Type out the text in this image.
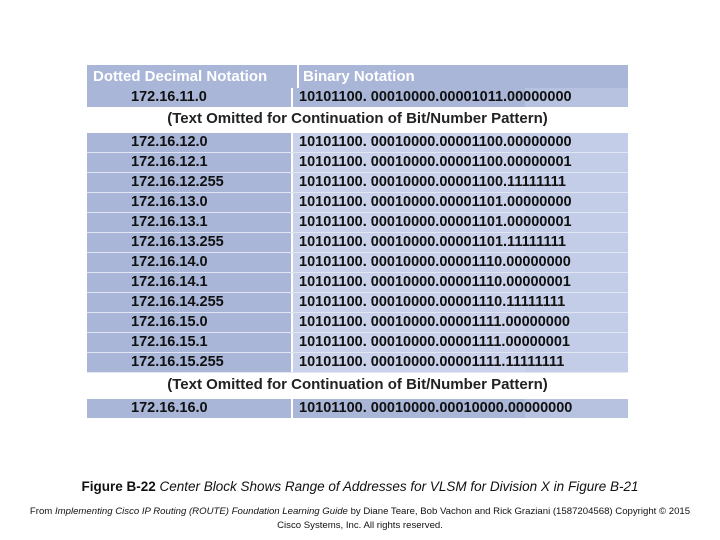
Dotted Decimal Notation	Binary Notation
172.16.11.0	10101100. 00010000.00001011.00000000
(Text Omitted for Continuation of Bit/Number Pattern)
172.16.12.0	10101100. 00010000.00001100.00000000
172.16.12.1	10101100. 00010000.00001100.00000001
172.16.12.255	10101100. 00010000.00001100.11111111
172.16.13.0	10101100. 00010000.00001101.00000000
172.16.13.1	10101100. 00010000.00001101.00000001
172.16.13.255	10101100. 00010000.00001101.11111111
172.16.14.0	10101100. 00010000.00001110.00000000
172.16.14.1	10101100. 00010000.00001110.00000001
172.16.14.255	10101100. 00010000.00001110.11111111
172.16.15.0	10101100. 00010000.00001111.00000000
172.16.15.1	10101100. 00010000.00001111.00000001
172.16.15.255	10101100. 00010000.00001111.11111111
(Text Omitted for Continuation of Bit/Number Pattern)
172.16.16.0	10101100. 00010000.00010000.00000000
Figure B-22 Center Block Shows Range of Addresses for VLSM for Division X in Figure B-21
From Implementing Cisco IP Routing (ROUTE) Foundation Learning Guide by Diane Teare, Bob Vachon and Rick Graziani (1587204568) Copyright © 2015
Cisco Systems, Inc. All rights reserved.
